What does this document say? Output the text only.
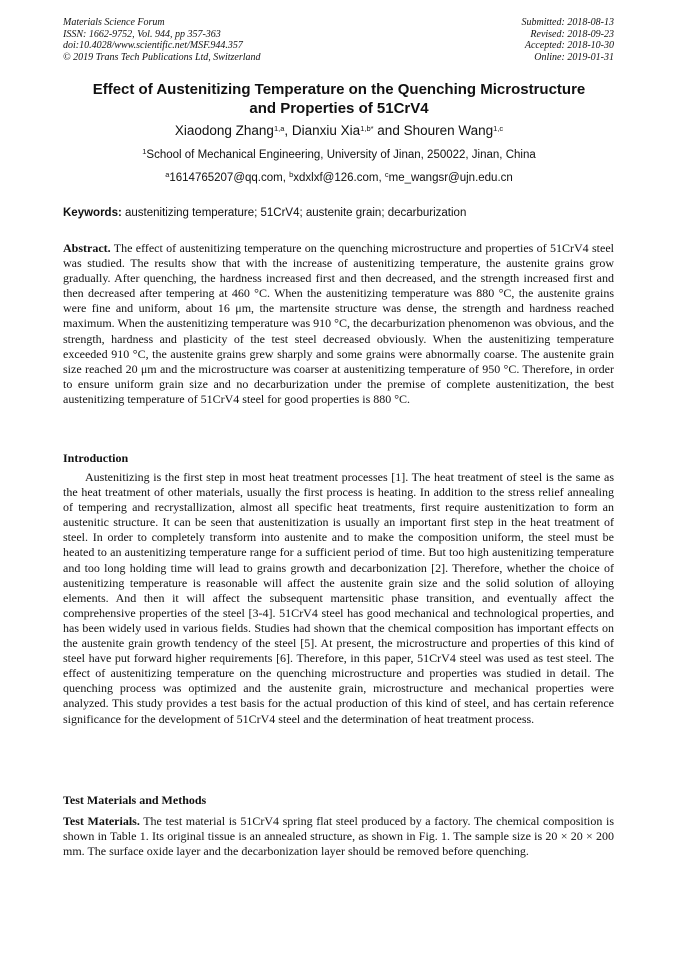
Materials Science Forum
ISSN: 1662-9752, Vol. 944, pp 357-363
doi:10.4028/www.scientific.net/MSF.944.357
© 2019 Trans Tech Publications Ltd, Switzerland
Submitted: 2018-08-13
Revised: 2018-09-23
Accepted: 2018-10-30
Online: 2019-01-31
Effect of Austenitizing Temperature on the Quenching Microstructure
and Properties of 51CrV4
Xiaodong Zhang$^{1,a}$, Dianxiu Xia$^{1,b*}$ and Shouren Wang$^{1,c}$
$^1$School of Mechanical Engineering, University of Jinan, 250022, Jinan, China
$^a$1614765207@qq.com, $^b$xdxlxf@126.com, $^c$me_wangsr@ujn.edu.cn
Keywords: austenitizing temperature; 51CrV4; austenite grain; decarburization
Abstract. The effect of austenitizing temperature on the quenching microstructure and properties of 51CrV4 steel was studied. The results show that with the increase of austenitizing temperature, the austenite grains grow gradually. After quenching, the hardness increased first and then decreased, and the strength increased first and then decreased after tempering at 460 °C. When the austenitizing temperature was 880 °C, the austenite grains were fine and uniform, about 16 μm, the martensite structure was dense, the strength and hardness reached maximum. When the austenitizing temperature was 910 °C, the decarburization phenomenon was obvious, and the strength, hardness and plasticity of the test steel decreased obviously. When the austenitizing temperature exceeded 910 °C, the austenite grains grew sharply and some grains were abnormally coarse. The austenite grain size reached 20 μm and the microstructure was coarser at austenitizing temperature of 950 °C. Therefore, in order to ensure uniform grain size and no decarburization under the premise of complete austenitization, the best austenitizing temperature of 51CrV4 steel for good properties is 880 °C.
Introduction
Austenitizing is the first step in most heat treatment processes [1]. The heat treatment of steel is the same as the heat treatment of other materials, usually the first process is heating. In addition to the stress relief annealing of tempering and recrystallization, almost all specific heat treatments, first require austenitization to form an austenitic structure. It can be seen that austenitization is usually an important first step in the heat treatment of steel. In order to completely transform into austenite and to make the composition uniform, the steel must be heated to an austenitizing temperature range for a sufficient period of time. But too high austenitizing temperature and too long holding time will lead to grains growth and decarbonization [2]. Therefore, whether the choice of austenitizing temperature is reasonable will affect the austenite grain size and the solid solution of alloying elements. And then it will affect the subsequent martensitic phase transition, and eventually affect the comprehensive properties of the steel [3-4]. 51CrV4 steel has good mechanical and technological properties, and has been widely used in various fields. Studies had shown that the chemical composition has important effects on the austenite grain growth tendency of the steel [5]. At present, the microstructure and properties of this kind of steel have put forward higher requirements [6]. Therefore, in this paper, 51CrV4 steel was used as test steel. The effect of austenitizing temperature on the quenching microstructure and properties was studied in detail. The quenching process was optimized and the austenite grain, microstructure and mechanical properties were analyzed. This study provides a test basis for the actual production of this kind of steel, and has certain reference significance for the development of 51CrV4 steel and the determination of heat treatment process.
Test Materials and Methods
Test Materials. The test material is 51CrV4 spring flat steel produced by a factory. The chemical composition is shown in Table 1. Its original tissue is an annealed structure, as shown in Fig. 1. The sample size is 20 × 20 × 200 mm. The surface oxide layer and the decarbonization layer should be removed before quenching.
